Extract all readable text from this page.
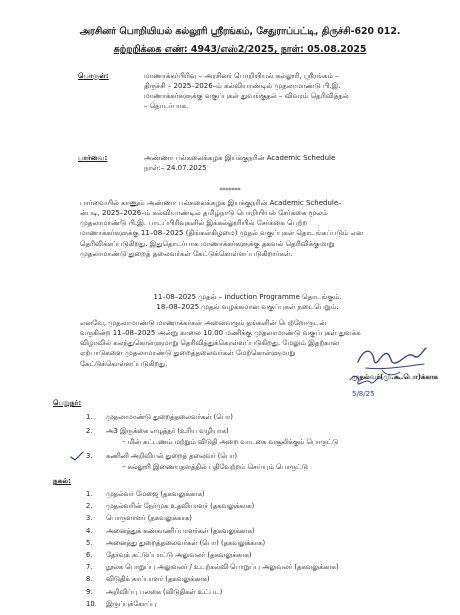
அரசினர் பொறியியல் கல்லூரி ஸ்ரீரங்கம், சேதுராப்பட்டி, திருச்சி-620 012.
சுற்றறிக்கை எண்: 4943/எஸ்2/2025, நாள்: 05.08.2025
பொருள்:	மாணாக்கர்பிரிவு – அரசினர் பொறியியல் கல்லூரி, ஸ்ரீரங்கம் –
திருச்சி – 2025–2026–ம் கல்வியாண்டில் முதலாமாண்டு பி.இ.
மாணாக்கர்களுக்கு வகுப்புகள் துவங்குதல் – விவரம் தெரிவித்தல்
– தொடர்பாக.
பார்வை:	அண்ணா பல்கலைக்கழக இயக்குநரின் Academic Schedule
நாள்:– 24.07.2025
*******
பார்வையில் காணும் அண்ணா பல்கலைக்கழக இயக்குநரின் Academic Schedule–
ன்படி, 2025–2026–ம் கல்வியாண்டில் தமிழ்நாடு பொறியியல் சேர்க்கை மூலம்
முதலாமாண்டு பி.இ. பாடப்பிரிவுகளில் இக்கல்லூரியில் சேர்க்கை பெற்ற
மாணாக்கர்களுக்கு 11–08–2025 (திங்கள்கிழமை) முதல் வகுப்புகள் தொடங்கப்படும் என
தெரிவிக்கப்படுகிறது. இதுதொடர்பாக மாணாக்கர்களுக்கு தகவல் தெரிவிக்குமாறு
முதலாமாண்டு துறைத் தலைவர்கள் கேட்டுக்கொள்ளப்படுகிறார்கள்.
11–08–2025 முதல் – Induction Programme தொடங்கும்.
18–08–2025 முதல் வழக்கமான வகுப்புகள் நடைபெறும்.
எனவே, முதலாமாண்டு மாணாக்கர்கள் அனைவரும் தங்களின் பெற்றோருடன்
வருகின்ற 11–08–2025 அன்று காலை 10.00 மணிக்கு முதலாமாண்டு வகுப்புகள் துவக்க
விழாவில் கலந்துகொள்ளுமாறு தெரிவித்துக்கொள்ளப்படுகிறது. மேலும் இதற்கான
ஏற்பாடுகளை முதலாமாண்டு துறைத்தலைவர்கள் மேற்கொள்ளுமாறு
கேட்டுக்கொள்ளப்படுகிறது.
முதல்வர்(மு.கூ.பொ)க்காக
5/8/25
பெறுநர்:
1. முதலாமாண்டு துறைத்தலைவர்கள் (பொ)
2. அ3 இருக்கை எழுத்தர் (உரிய வழியாக)
– மின் கட்டணம் மற்றும் விடுதி அறை வாடகை வசூலிக்கும் பொருட்டு
3. கணினி அறிவியல் துறைத் தலைவர் (பொ)
– கல்லூரி இணையதளத்தில் பதிவேற்றம் செய்யும் பொருட்டு
நகல்:
1. முதல்வர் மேஜை (தகவலுக்காக)
2. முதல்வரின் நேர்முக உதவியாளர் (தகவலுக்காக)
3. பொருளாளர் (தகவலுக்காக)
4. அனைத்துக் கண்காணிப்பாளர்கள் (தகவலுக்காக)
5. அனைத்து துறைத்தலைவர்கள் (பொ) (தகவலுக்காக)
6. தேர்வுக் கட்டுப்பாட்டு அலுவலர் (தகவலுக்காக)
7. நூலக பொறுப்பு அலுவலர் / உடற்கல்வி பொறுப்பு அலுவலர் (தகவலுக்காக)
8. விடுதிக் காப்பாளர் (தகவலுக்காக)
9. அறிவிப்பு பலகை (விடுதிகள் உட்பட)
10. இருப்புக்கோப்பு
